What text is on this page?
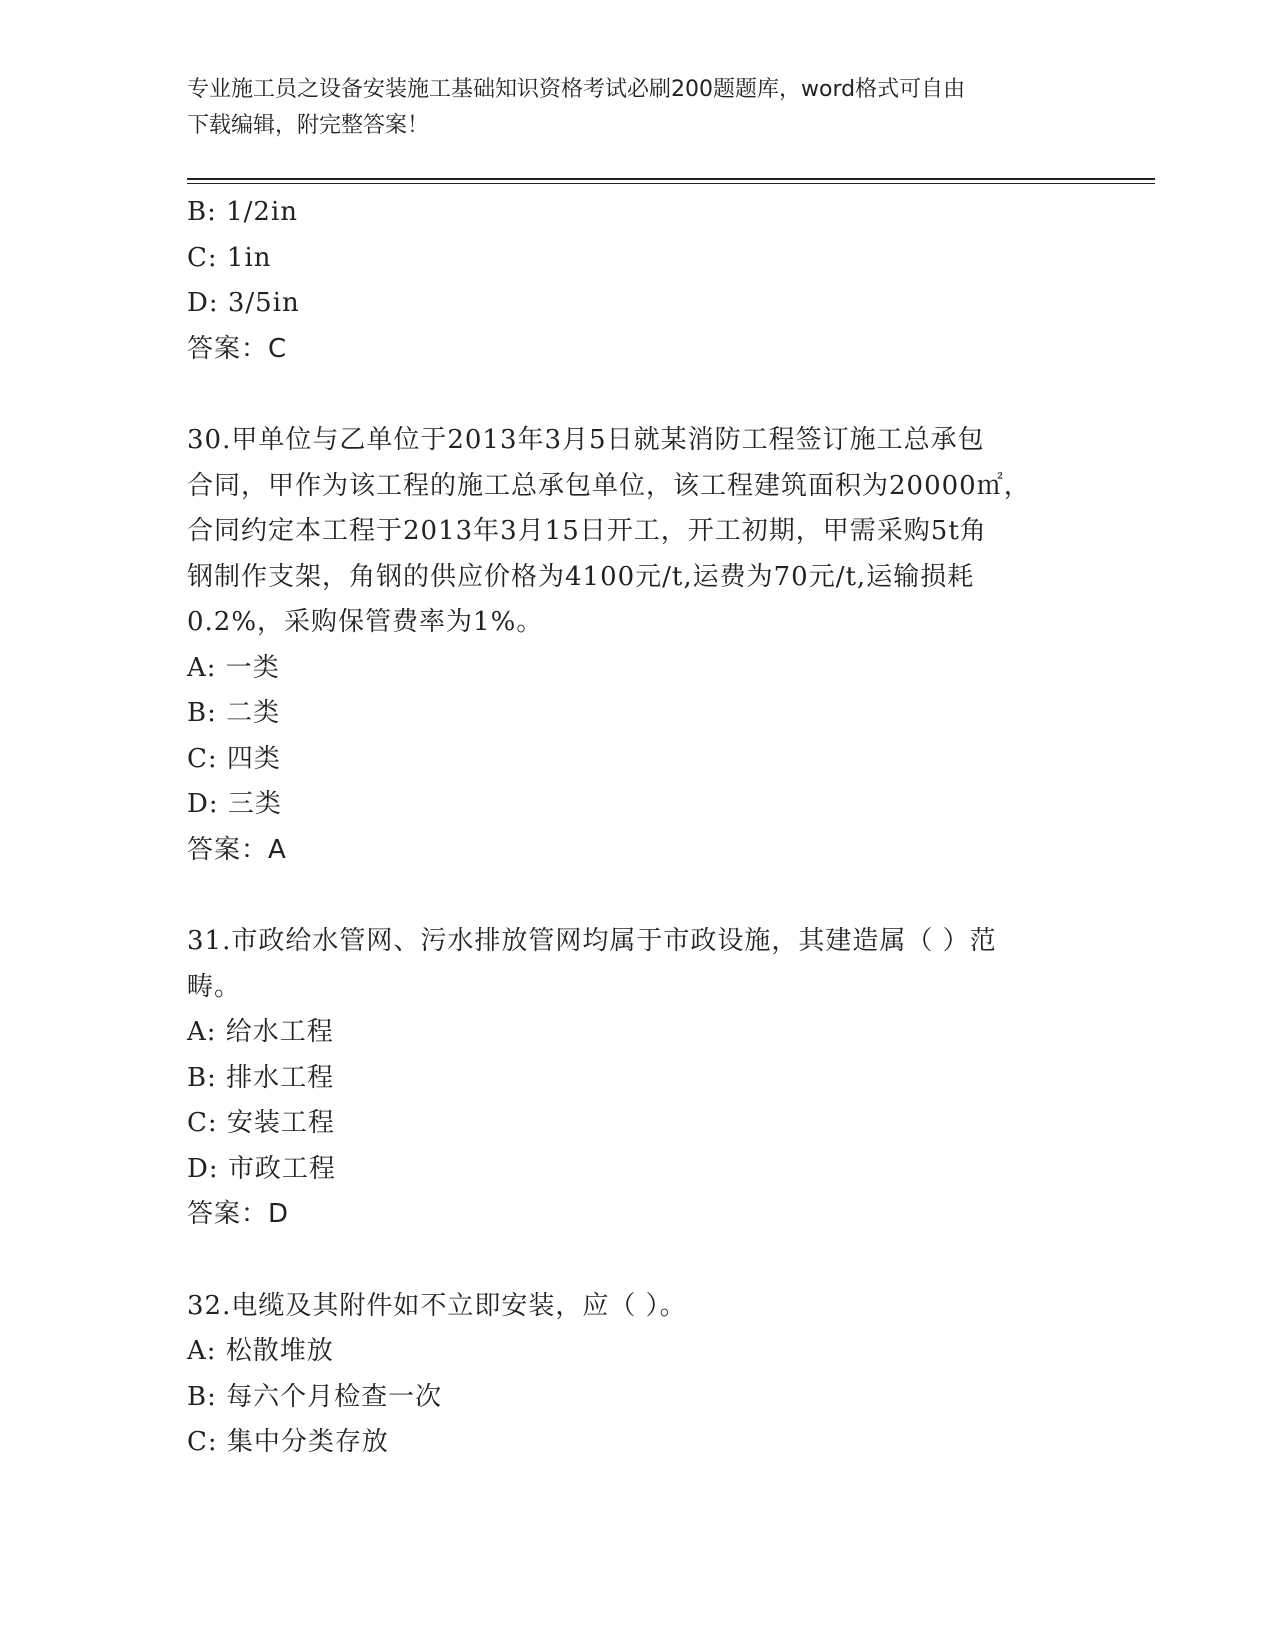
专业施工员之设备安装施工基础知识资格考试必刷200题题库，word格式可自由
下载编辑，附完整答案！
B: 1/2in
C: 1in
D: 3/5in
答案：C
30.甲单位与乙单位于2013年3月5日就某消防工程签订施工总承包
合同，甲作为该工程的施工总承包单位，该工程建筑面积为20000㎡，
合同约定本工程于2013年3月15日开工，开工初期，甲需采购5t角
钢制作支架，角钢的供应价格为4100元/t,运费为70元/t,运输损耗
0.2%，采购保管费率为1%。
A: 一类
B: 二类
C: 四类
D: 三类
答案：A
31.市政给水管网、污水排放管网均属于市政设施，其建造属（ ）范
畴。
A: 给水工程
B: 排水工程
C: 安装工程
D: 市政工程
答案：D
32.电缆及其附件如不立即安装，应（ ）。
A: 松散堆放
B: 每六个月检查一次
C: 集中分类存放
